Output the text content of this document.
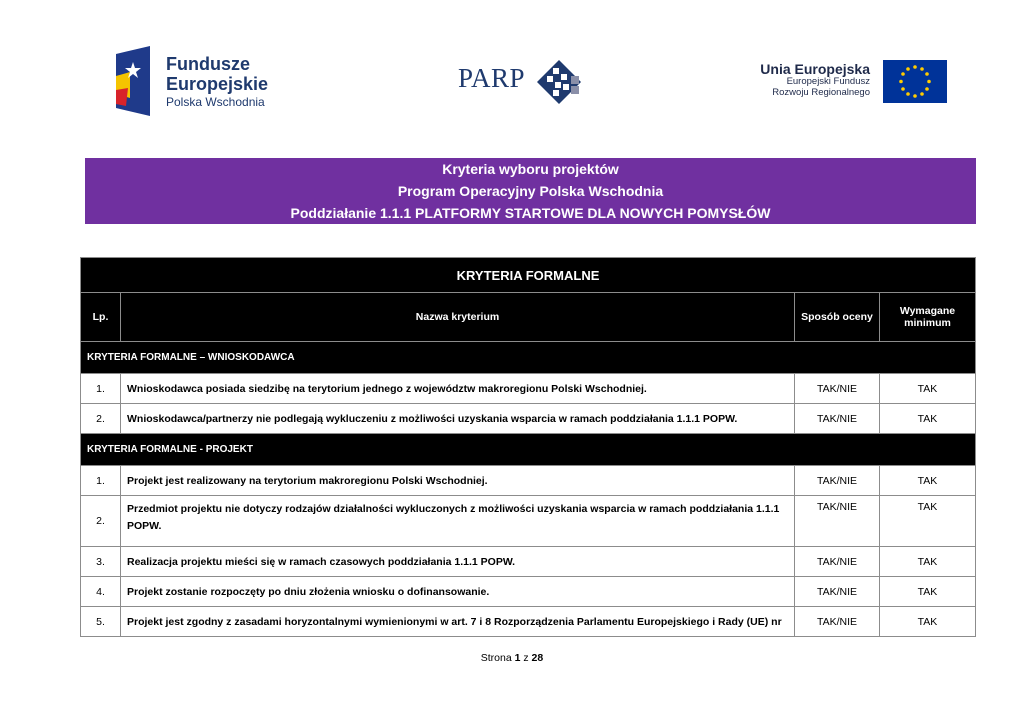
Fundusze
Europejskie
Polska Wschodnia
PARP	Unia Europejska
Europejski Fundusz
Rozwoju Regionalnego
Kryteria wyboru projektów
Program Operacyjny Polska Wschodnia
Poddziałanie 1.1.1 PLATFORMY STARTOWE DLA NOWYCH POMYSŁÓW
KRYTERIA FORMALNE			
Lp.	Nazwa kryterium	Sposób oceny	Wymagane minimum
KRYTERIA FORMALNE – WNIOSKODAWCA			
1.	Wnioskodawca posiada siedzibę na terytorium jednego z województw makroregionu Polski Wschodniej.	TAK/NIE	TAK
2.	Wnioskodawca/partnerzy nie podlegają wykluczeniu z możliwości uzyskania wsparcia w ramach poddziałania 1.1.1 POPW.	TAK/NIE	TAK
KRYTERIA FORMALNE - PROJEKT			
1.	Projekt jest realizowany na terytorium makroregionu Polski Wschodniej.	TAK/NIE	TAK
2.	Przedmiot projektu nie dotyczy rodzajów działalności wykluczonych z możliwości uzyskania wsparcia w ramach poddziałania 1.1.1 POPW.	TAK/NIE	TAK
3.	Realizacja projektu mieści się w ramach czasowych poddziałania 1.1.1 POPW.	TAK/NIE	TAK
4.	Projekt zostanie rozpoczęty po dniu złożenia wniosku o dofinansowanie.	TAK/NIE	TAK
5.	Projekt jest zgodny z zasadami horyzontalnymi wymienionymi w art. 7 i 8 Rozporządzenia Parlamentu Europejskiego i Rady (UE) nr	TAK/NIE	TAK
Strona 1 z 28
